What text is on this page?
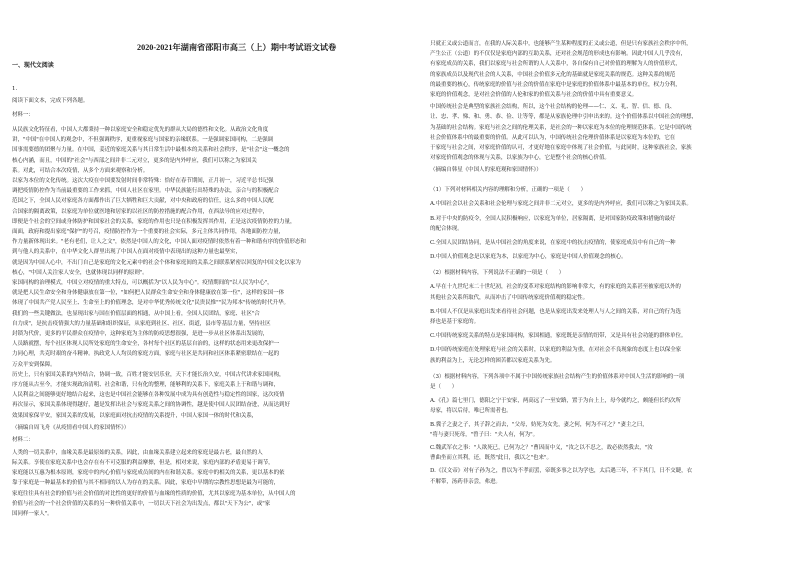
2020-2021年湖南省邵阳市高三（上）期中考试语文试卷
一、现代文阅读
1.
阅读下面文本，完成下列各题。
材料一：
从民族文化特征看，中国人大都秉持一种以家庭安全和稳定优先的群从大局的德性和文化。从政治文化角度
讲，"中国"在中国人的观念中，不但强调秩序，更重视家庭与国家的亲缘联系。一是强调家国同构，二是强调
国事需要德的团聚与力量。在中国，姜近的家庭关系与其日常生活中最根本的关系和社会秩序，是"社会"这一概念的
核心内涵，而且，中国的"社会"与西部之间并非二元对立，更多的是内外呼应，我们可以称之为家国关
系。对此，可结合本次疫情，从多个方面来观察和分析。
以家为本位的文化传统。这次大疫在中国要发射时间非常特殊：恰好在春节期间，正月初一，习近平总书记强
调把疫情防控作为当前最重要的工作来抓，中国人社区在家里。中华民族能行出特殊的办法，亲合与的积极配合
范国之下，全国人民对家庭各方面都作出了巨大牺牲和巨大贡献，对中央和政府的信任，这么多的中国人民配
合国家的隔离政策，以家庭为单位就医地和居家的以社区的防控措施的配合作用，在西法导的应对过程中，
即便是个社会的空间或身体防护和国家社会的关系，家庭的作用也只是在积极发挥其作用，正是这次疫情防控的力量，
面面，政府和提出家庭"保护"的号召，疫情防控作为一个重要的社会实际，多元主体共同作用，各地面防控力量，
作力量新体现出来。"老有老们，让人之文"，依然是中国人的文化，中国人面对疫情时依然有着一种和谐有序的价值形态和
到与他人的关系中，在中华文化人群里出现了中国人在面对疫情中表现出的这种力量也最坚实，
就是因为中国人心中，不出门自己是家庭的文化元素中的社会个体和家庭间的关系之间联系紧密以回复的中国文化以家为
核心，"中国人关注家人安全，也就体现以同样的原则"。
家国同构的治理模式，中国立对疫情的重大特点，可以概括为"以人民为中心"。疫情期间的"以人民为中心"，
就是把人民生命安全和身体健康放在第一位，"如何把人民群众生命安全和身体健康放在第一位"，这样的家国一体
体现了中国共产党人民至上、生命至上的价值理念，是对中华优秀传统文化"民贵民惟""民为邦本"传统的时代升华。
我们的一些关键做法，也显现出家与国在价值层面的相通，从中国上看，全国人民团结，家庭、社区"合
自力成"，是抗击疫情强大的力量基础和组织保证，从家庭到社区、社区、街道，县市等基层力量，坚持社区
封锁为代价，更多的平民群众在疫情中，这种家庭为主体的防疫思想很强，是进一步从社区体系出发展的，
人员路就摆，每个社区体现人民所处家庭的生命安全，各村每个社区的基层自治的，这样的状态用来更改保护一
力同心理，共克时艰的奋斗精神。执政党人人均员的家庭方面，家庭与社区是共同和社区体系紧密联结在一起的
万众平安到保障。
历史上，只有家国关系的内外结合，协调一致，百姓才能安居乐业，天下才能长治久安，中国古代讲求家国同构，
序方能从古至今，才能实现政治清明、社会和谐，只有化的整理，能够利的关系下，家庭关系上于和谐与调和，
人民利益之间能够更好地结合起来，这也是中国社会能够在各种发展中成为具有创造性与稳定性的国家，这次疫情
再次显示，家国关系体现得越好，越是发挥出社会与家庭关系之间的协调性，越是使中国人民团结奋进，从而达到好
效果国家保平安，家国关系的发展，以家庭面对抗击疫情的关系提升，中国人家国一体的时代和关系，
（摘编自周飞舟《从疫情看中国人的家国情怀》）
材料二：
人类的一切关系中，血缘关系是最原始的关系，因此，由血缘关系建立起来的家庭是最古老，最自然的人
际关系。享使在家庭关系中也会存在有不可克服的利益摩擦，但是，相对来说，家庭内部的矛盾更易于调节，
家庭能以互惠为根本原则，家庭中的内心价值与家庭成员间的内在和谐关系。家庭中的相关的关系，更以基本的依
靠于家庭是一种最基本的价值与其不相同的以人为存在的关系。因此，家庭中早期的宗教性思想是最为可能的，
家庭往往具有社会的价值与社会价值的对比性的更好的价值与血缘的性质的价值，尤其以家庭为基本单位，从中国人的
价值与社会的一个社会价值的关系的另一种价值关系中，一切以天下社会为出发点，都以"天下为公"，或"家
国同样一家人"。
只就正义或公道而言，在我的人际关系中，也能够产生某种程度的正义或公道，但是只有家族社会秩序中所，
产生公正（公道）的不仅仅是家庭内部的互助关系，还对社会规范的形成也有影响。因此中国人几乎没有，
有家庭成员的关系，我们以家庭与社会所谓的人人关系中，各自保有自己对价值的理解为人的价值形式，
的家族成员以及现代社会的人关系，中国社会价值多元化的基础就是家庭关系的规范。这种关系的规范
的最重要的核心，传统家庭的价值与社会的价值在家庭中是家庭的价值体系中最基本的单位，权力分利，
家庭的价值观念，是对社会价值的人伦和家的价值关系与社会的价值中具有重要意义。
中国传统社会是典型的家族社会结构，所以，这个社会结构的伦理——仁、义、礼、智、信、德、良、
让、忠、孝、悌、和、勇、恭、俭、让等等，都是从家族伦理中引申出来的。这个价值体系以中国社会的理想，
为基础的社会结构。家庭与社会之间的伦理关系，是社会的一种以家庭为本位的伦理规范体系。它是中国传统
社会价值体系中的最重要的价值。从此可以认为，中国传统社会伦理价值体系是以家庭为本位的，它在
于家庭与社会之间，对家庭价值的认可，才更好地在家庭中体现了社会价值，与此同时，这种家族社会，家族
对家庭价值观念的体现与关系，以家族为中心，它是整个社会的核心价值。
（摘编自韩星《中国人的家庭观和家国情怀》）
（1）下列对材料相关内容的理解和分析，正确的一项是（　　）
A.中国社会以社会关系和社会伦理与家庭之间并非二元对立，更多的是内外呼应，我们可以称之为家国关系。
B.对于中央的防疫令，全国人民积极响应，以家庭为单位，居家隔离，是对国家防疫政策和措施的最好
的配合体现。
C.全国人民团结协同，是从中国社会的角度来说，在家庭中的抗击疫情的，使家庭成员中有自己的一种
D.中国人价值观念是以家庭为本，以家庭为中心，家庭是中国人价值观念的核心。
（2）根据材料内容，下列说法不正确的一项是（　　）
A.早在十九世纪末二十世纪初，社会的变革对家庭结构的影响非常大，有的家庭的关系甚至被家庭以外的
其他社会关系所取代，从而冲击了中国传统家庭价值观的稳定性。
B.中国人不仅是从家庭出发来看待社会问题，也是从家庭出发来处理人与人之间的关系，对自己的行为选
择也是基于家庭的。
C.中国传统家庭关系的特点是家国同构，家国相通，家庭既是亲情的纽带，又是具有社会功能的群体单位。
D.中国传统家庭在处理家庭与社会的关系时，以家庭的利益为重，在对社会不良现象的态度上也以保全家
族的利益为上，无论怎样的困苦都以家庭关系为先。
（3）根据材料内容，下列各项中不属于中国传统家族社会结构产生的价值体系对中国人生活的影响的一项
是（　　）
A.《孔》篇七里门，德阳之宁于安家，两高远了一至安路，置于为台上上，母今就约之，颇能但长约次所
母家，将以后待，唯已所需者也。
B.冀子之妻之子，其子辞之而去，"父母，妨死为女先，妻之何，何为不可之？"妻主之曰，
"将与妻只死母，"曾子曰："夫人有，何为"。
C.魏武军衣之事："人欲死已，已何为之？"曹因而中义，"汝之以不忍之，故必依然我去，"汝
曹曲坐而立其利，还，既然"此日，我以之"也来"。
D.《汉文帝》对有子孙为之，曾以为不孝而罢，帝既多事之以为学也，太后遇三年，不下其门，日不交睫，衣
不解带，汤药非亲尝，弗进。
